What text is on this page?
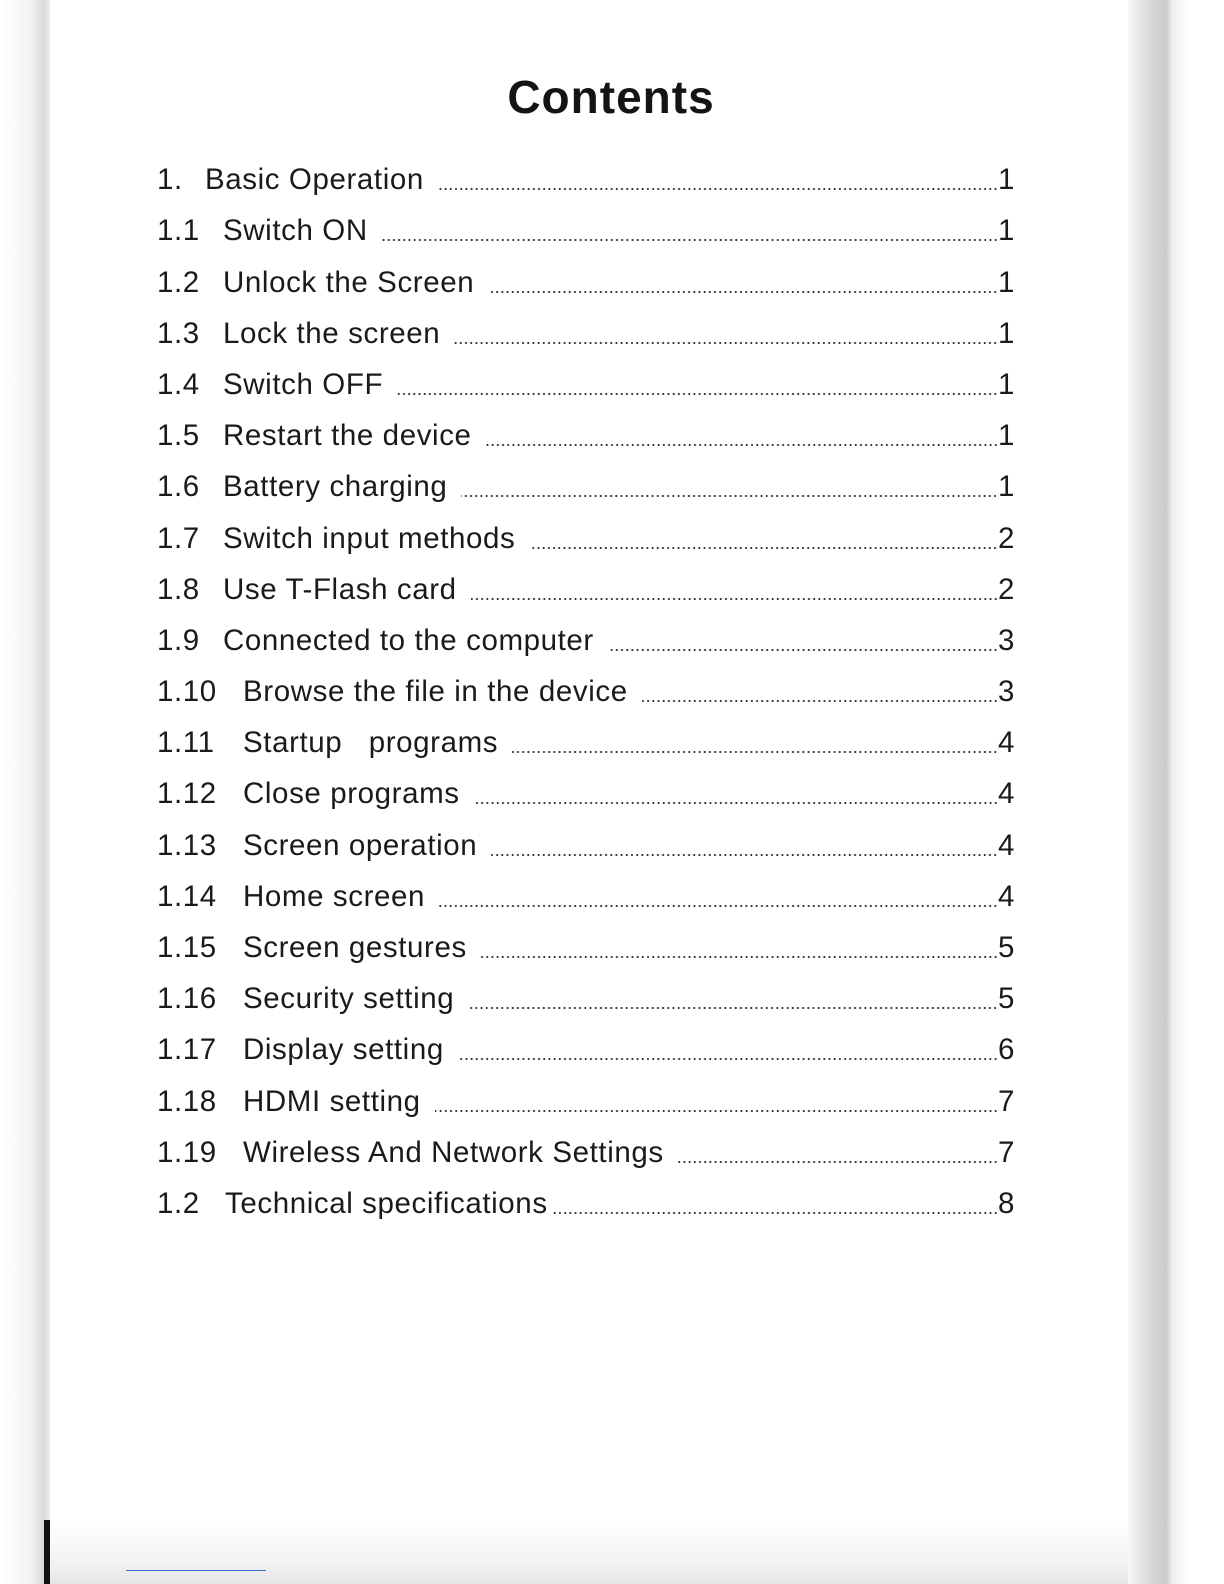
Contents
1. Basic Operation	1
1.1 Switch ON	1
1.2 Unlock the Screen	1
1.3 Lock the screen	1
1.4 Switch OFF	1
1.5 Restart the device	1
1.6 Battery charging	1
1.7 Switch input methods	2
1.8 Use T-Flash card	2
1.9 Connected to the computer	3
1.10 Browse the file in the device	3
1.11 Startup   programs	4
1.12 Close programs	4
1.13 Screen operation	4
1.14 Home screen	4
1.15 Screen gestures	5
1.16 Security setting	5
1.17 Display setting	6
1.18 HDMI setting	7
1.19 Wireless And Network Settings	7
1.2 Technical specifications	8
